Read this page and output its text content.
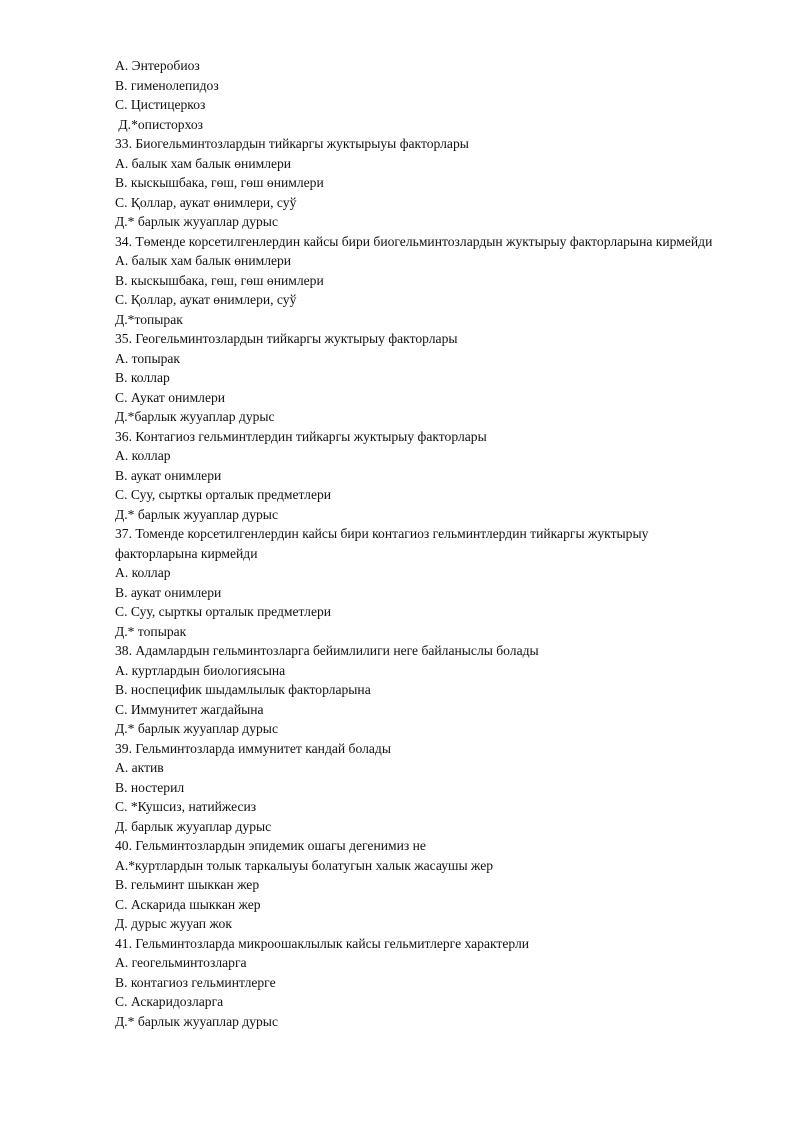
А. Энтеробиоз

В. гименолепидоз

С. Цистицеркоз

Д.*описторхоз

33. Биогельминтозлардын тийкаргы жуктырыуы факторлары

А. балык хам балык өнимлери

В. кыскышбака, гөш, гөш өнимлери

С. Қоллар, аукат өнимлери, суў

Д.* барлык жууаплар дурыс

34. Төменде корсетилгенлердин кайсы бири биогельминтозлардын жуктырыу факторларына кирмейди

А. балык хам балык өнимлери

В. кыскышбака, гөш, гөш өнимлери

С. Қоллар, аукат өнимлери, суў

Д.*топырак

35. Геогельминтозлардын тийкаргы жуктырыу факторлары

А. топырак

В. коллар

С. Аукат онимлери

Д.*барлык жууаплар дурыс

36. Контагиоз гельминтлердин тийкаргы жуктырыу факторлары

А. коллар

В. аукат онимлери

С. Суу, сырткы орталык предметлери

Д.* барлык жууаплар дурыс

37. Томенде корсетилгенлердин кайсы бири контагиоз гельминтлердин тийкаргы жуктырыу факторларына кирмейди

А. коллар

В. аукат онимлери

С. Суу, сырткы орталык предметлери

Д.* топырак

38. Адамлардын гельминтозларга бейимлилиги неге байланыслы болады

А. куртлардын биологиясына

В. носпецифик шыдамлылык факторларына

С. Иммунитет жагдайына

Д.* барлык жууаплар дурыс

39. Гельминтозларда иммунитет кандай болады

А. актив

В. ностерил

С. *Кушсиз, натийжесиз

Д. барлык жууаплар дурыс

40. Гельминтозлардын эпидемик ошагы дегенимиз не

А.*куртлардын толык таркалыуы болатугын халык жасаушы жер

В. гельминт шыккан жер

С. Аскарида шыккан жер

Д. дурыс жууап жок

41. Гельминтозларда микроошаклылык кайсы гельмитлерге характерли

А. геогельминтозларга

В. контагиоз гельминтлерге

С. Аскаридозларга

Д.* барлык жууаплар дурыс
